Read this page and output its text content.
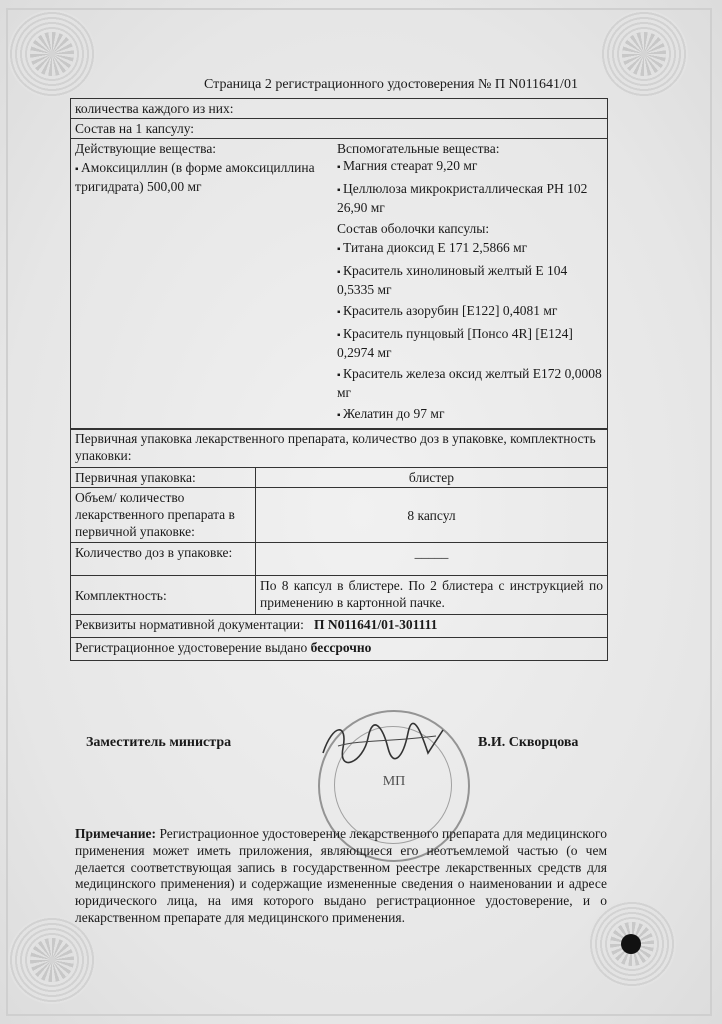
Страница 2 регистрационного удостоверения № П N011641/01
количества каждого из них:
Состав на 1 капсулу:

Действующие вещества:
▪ Амоксициллин (в форме амоксициллина тригидрата) 500,00 мг

Вспомогательные вещества:
▪ Магния стеарат 9,20 мг
▪ Целлюлоза микрокристаллическая PH 102 26,90 мг
Состав оболочки капсулы:
▪ Титана диоксид Е 171 2,5866 мг
▪ Краситель хинолиновый желтый Е 104 0,5335 мг
▪ Краситель азорубин [E122] 0,4081 мг
▪ Краситель пунцовый [Понсо 4R] [E124] 0,2974 мг
▪ Краситель железа оксид желтый Е172 0,0008 мг
▪ Желатин до 97 мг
Первичная упаковка лекарственного препарата, количество доз в упаковке, комплектность упаковки:	
Первичная упаковка:	блистер
Объем/ количество лекарственного препарата в первичной упаковке:	8 капсул
Количество доз в упаковке:	_____
Комплектность:	По 8 капсул в блистере. По 2 блистера с инструкцией по применению в картонной пачке.
Реквизиты нормативной документации: П N011641/01-301111	
Регистрационное удостоверение выдано бессрочно	
Заместитель министра	В.И. Скворцова
МП
Примечание: Регистрационное удостоверение лекарственного препарата для медицинского применения может иметь приложения, являющиеся его неотъемлемой частью (о чем делается соответствующая запись в государственном реестре лекарственных средств для медицинского применения) и содержащие измененные сведения о наименовании и адресе юридического лица, на имя которого выдано регистрационное удостоверение, и о лекарственном препарате для медицинского применения.
